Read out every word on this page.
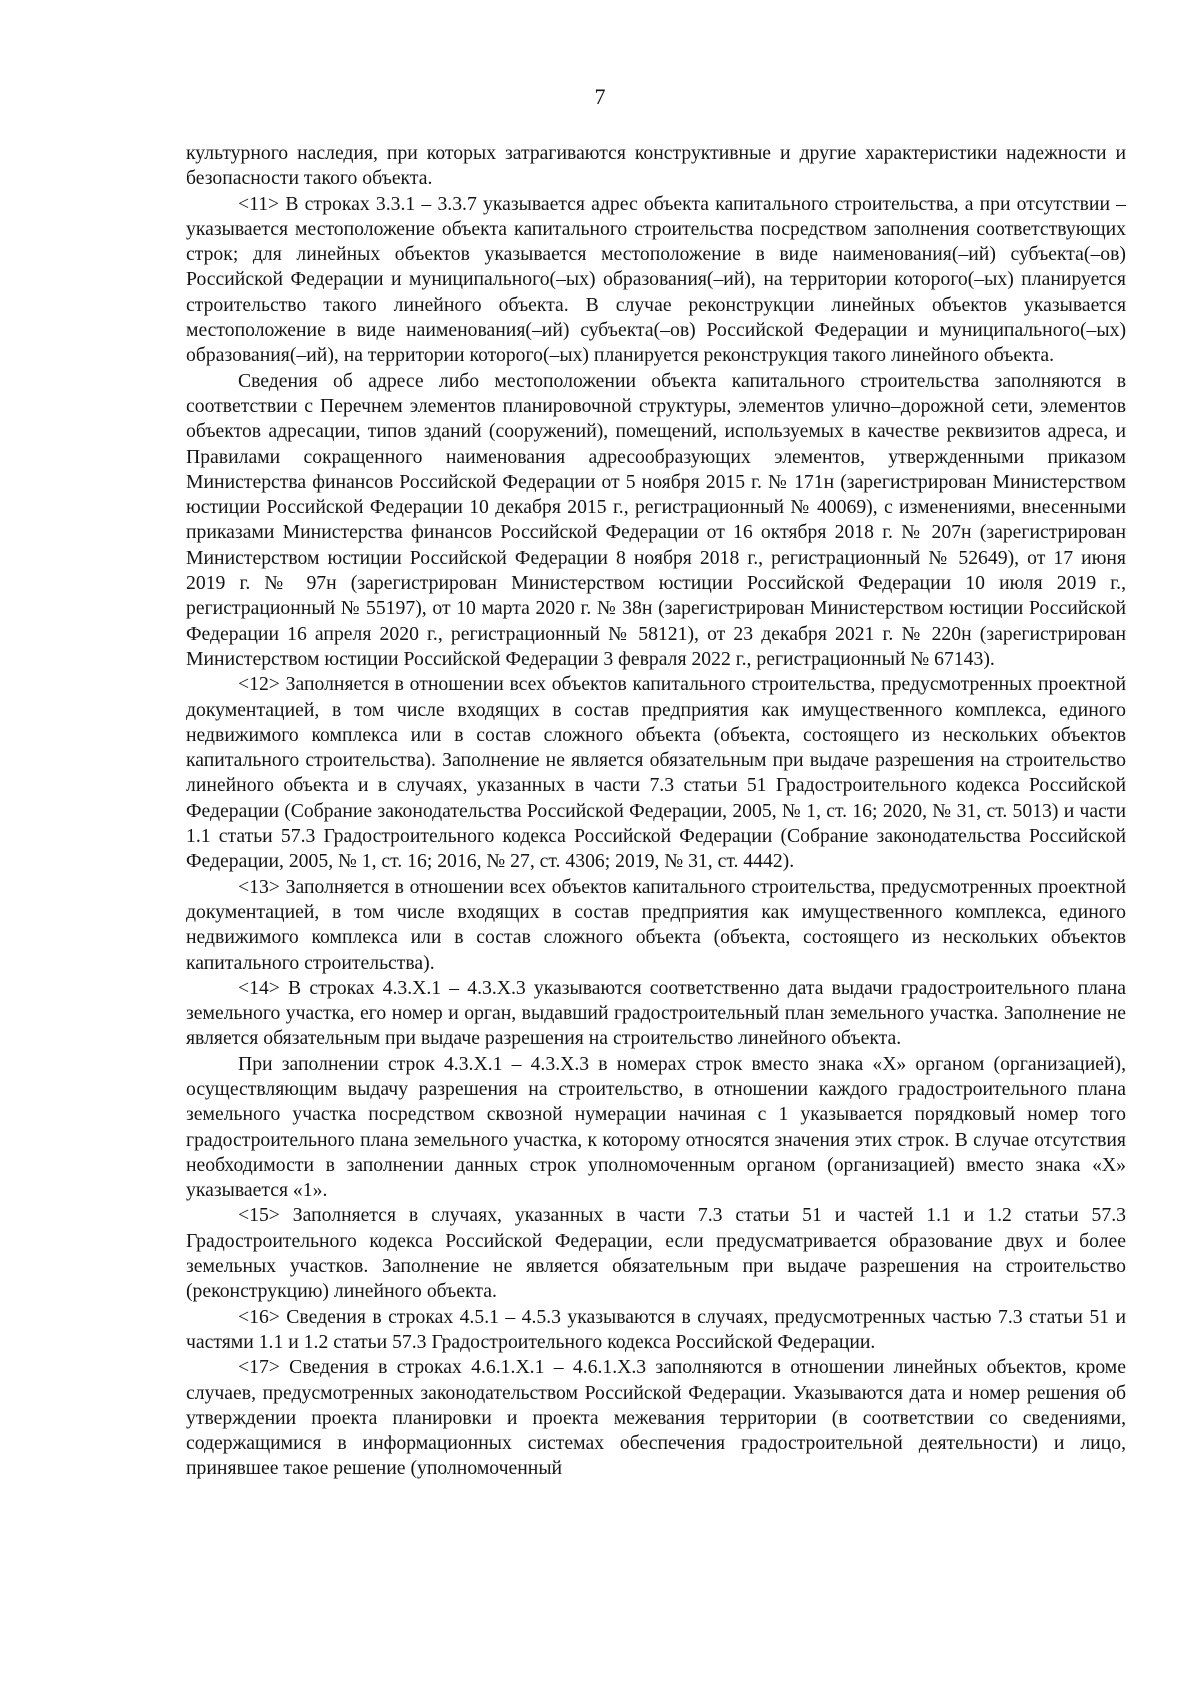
7

культурного наследия, при которых затрагиваются конструктивные и другие характеристики надежности и безопасности такого объекта.

<11> В строках 3.3.1 – 3.3.7 указывается адрес объекта капитального строительства, а при отсутствии – указывается местоположение объекта капитального строительства посредством заполнения соответствующих строк; для линейных объектов указывается местоположение в виде наименования(–ий) субъекта(–ов) Российской Федерации и муниципального(–ых) образования(–ий), на территории которого(–ых) планируется строительство такого линейного объекта. В случае реконструкции линейных объектов указывается местоположение в виде наименования(–ий) субъекта(–ов) Российской Федерации и муниципального(–ых) образования(–ий), на территории которого(–ых) планируется реконструкция такого линейного объекта.

Сведения об адресе либо местоположении объекта капитального строительства заполняются в соответствии с Перечнем элементов планировочной структуры, элементов улично–дорожной сети, элементов объектов адресации, типов зданий (сооружений), помещений, используемых в качестве реквизитов адреса, и Правилами сокращенного наименования адресообразующих элементов, утвержденными приказом Министерства финансов Российской Федерации от 5 ноября 2015 г. № 171н (зарегистрирован Министерством юстиции Российской Федерации 10 декабря 2015 г., регистрационный № 40069), с изменениями, внесенными приказами Министерства финансов Российской Федерации от 16 октября 2018 г. № 207н (зарегистрирован Министерством юстиции Российской Федерации 8 ноября 2018 г., регистрационный № 52649), от 17 июня 2019 г. № 97н (зарегистрирован Министерством юстиции Российской Федерации 10 июля 2019 г., регистрационный № 55197), от 10 марта 2020 г. № 38н (зарегистрирован Министерством юстиции Российской Федерации 16 апреля 2020 г., регистрационный № 58121), от 23 декабря 2021 г. № 220н (зарегистрирован Министерством юстиции Российской Федерации 3 февраля 2022 г., регистрационный № 67143).

<12> Заполняется в отношении всех объектов капитального строительства, предусмотренных проектной документацией, в том числе входящих в состав предприятия как имущественного комплекса, единого недвижимого комплекса или в состав сложного объекта (объекта, состоящего из нескольких объектов капитального строительства). Заполнение не является обязательным при выдаче разрешения на строительство линейного объекта и в случаях, указанных в части 7.3 статьи 51 Градостроительного кодекса Российской Федерации (Собрание законодательства Российской Федерации, 2005, № 1, ст. 16; 2020, № 31, ст. 5013) и части 1.1 статьи 57.3 Градостроительного кодекса Российской Федерации (Собрание законодательства Российской Федерации, 2005, № 1, ст. 16; 2016, № 27, ст. 4306; 2019, № 31, ст. 4442).

<13> Заполняется в отношении всех объектов капитального строительства, предусмотренных проектной документацией, в том числе входящих в состав предприятия как имущественного комплекса, единого недвижимого комплекса или в состав сложного объекта (объекта, состоящего из нескольких объектов капитального строительства).

<14> В строках 4.3.Х.1 – 4.3.Х.3 указываются соответственно дата выдачи градостроительного плана земельного участка, его номер и орган, выдавший градостроительный план земельного участка. Заполнение не является обязательным при выдаче разрешения на строительство линейного объекта.

При заполнении строк 4.3.Х.1 – 4.3.Х.3 в номерах строк вместо знака «Х» органом (организацией), осуществляющим выдачу разрешения на строительство, в отношении каждого градостроительного плана земельного участка посредством сквозной нумерации начиная с 1 указывается порядковый номер того градостроительного плана земельного участка, к которому относятся значения этих строк. В случае отсутствия необходимости в заполнении данных строк уполномоченным органом (организацией) вместо знака «Х» указывается «1».

<15> Заполняется в случаях, указанных в части 7.3 статьи 51 и частей 1.1 и 1.2 статьи 57.3 Градостроительного кодекса Российской Федерации, если предусматривается образование двух и более земельных участков. Заполнение не является обязательным при выдаче разрешения на строительство (реконструкцию) линейного объекта.

<16> Сведения в строках 4.5.1 – 4.5.3 указываются в случаях, предусмотренных частью 7.3 статьи 51 и частями 1.1 и 1.2 статьи 57.3 Градостроительного кодекса Российской Федерации.

<17> Сведения в строках 4.6.1.Х.1 – 4.6.1.Х.3 заполняются в отношении линейных объектов, кроме случаев, предусмотренных законодательством Российской Федерации. Указываются дата и номер решения об утверждении проекта планировки и проекта межевания территории (в соответствии со сведениями, содержащимися в информационных системах обеспечения градостроительной деятельности) и лицо, принявшее такое решение (уполномоченный
